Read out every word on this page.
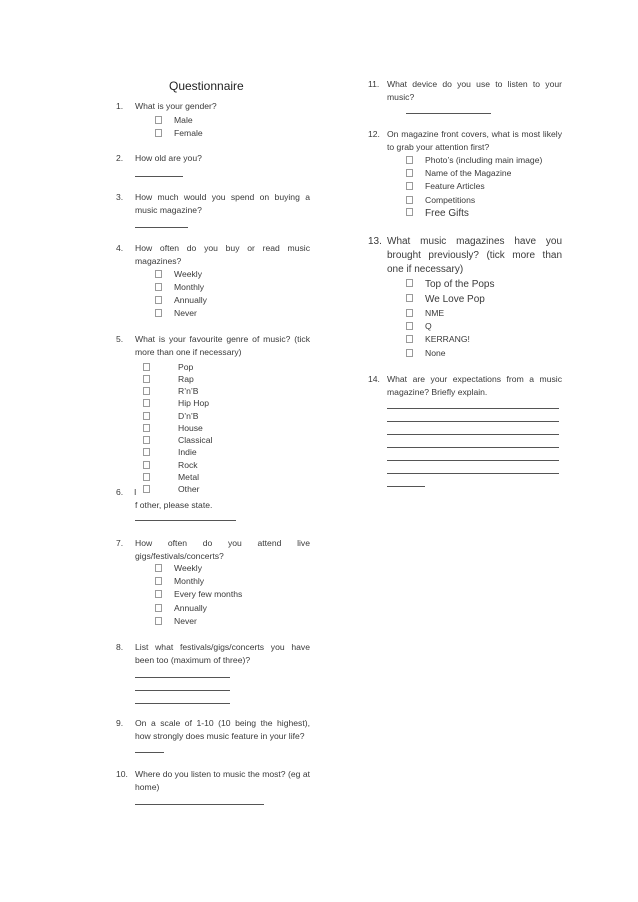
Questionnaire
1. What is your gender?
Male
Female
2. How old are you?
3. How much would you spend on buying a music magazine?
4. How often do you buy or read music magazines?
Weekly
Monthly
Annually
Never
5. What is your favourite genre of music? (tick more than one if necessary)
Pop
Rap
R’n’B
Hip Hop
D’n’B
House
Classical
Indie
Rock
Metal
Other
6. I
f other, please state.
7. How often do you attend live gigs/festivals/concerts?
Weekly
Monthly
Every few months
Annually
Never
8. List what festivals/gigs/concerts you have been too (maximum of three)?
9. On a scale of 1-10 (10 being the highest), how strongly does music feature in your life?
10. Where do you listen to music the most? (eg at home)
11. What device do you use to listen to your music?
12. On magazine front covers, what is most likely to grab your attention first?
Photo’s (including main image)
Name of the Magazine
Feature Articles
Competitions
Free Gifts
13. What music magazines have you brought previously? (tick more than one if necessary)
Top of the Pops
We Love Pop
NME
Q
KERRANG!
None
14. What are your expectations from a music magazine? Briefly explain.
